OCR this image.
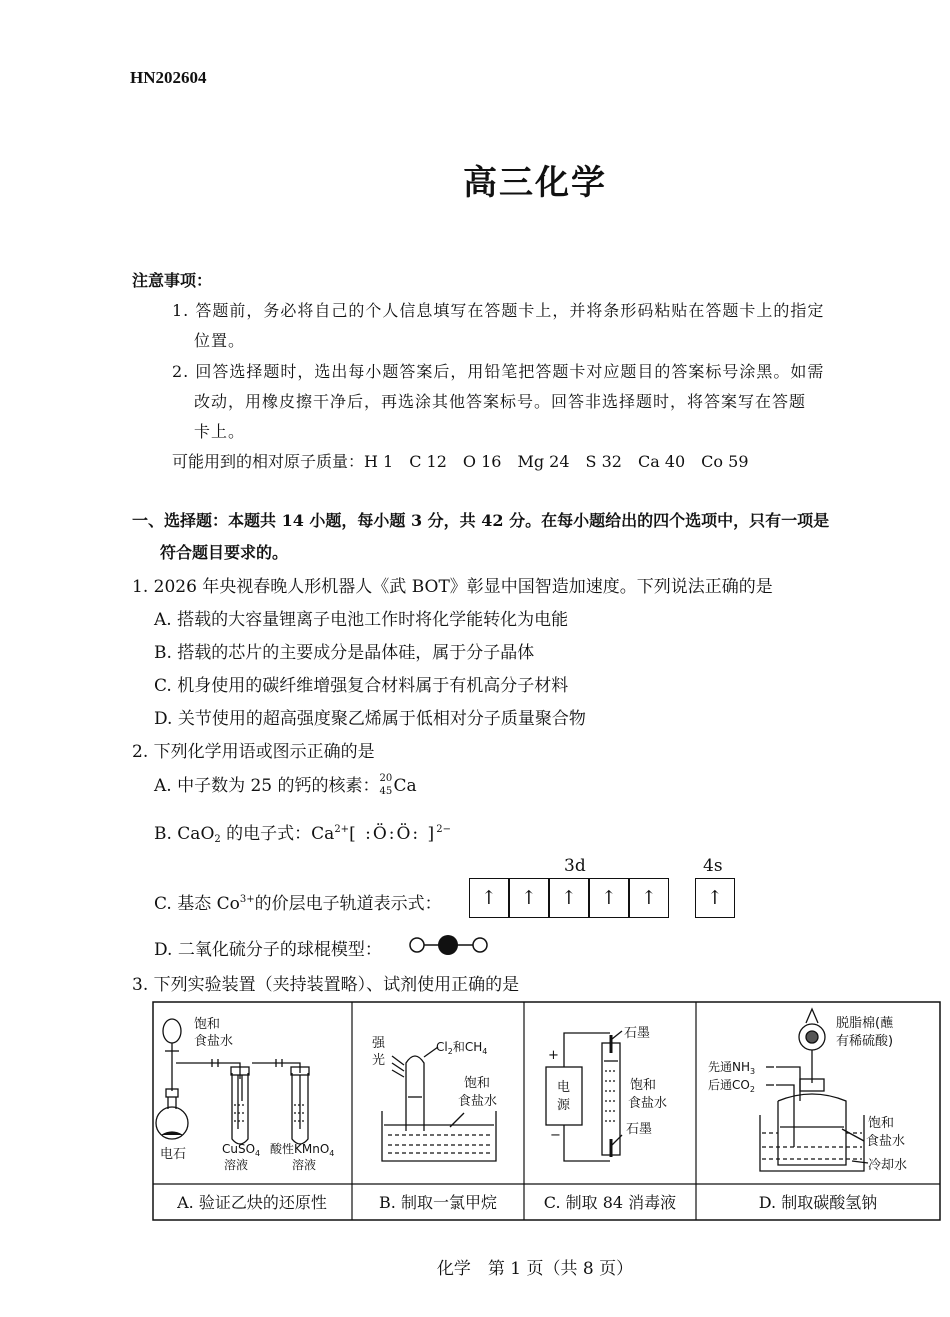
HN202604
高三化学
注意事项：
1. 答题前，务必将自己的个人信息填写在答题卡上，并将条形码粘贴在答题卡上的指定
位置。
2. 回答选择题时，选出每小题答案后，用铅笔把答题卡对应题目的答案标号涂黑。如需
改动，用橡皮擦干净后，再选涂其他答案标号。回答非选择题时，将答案写在答题
卡上。
可能用到的相对原子质量：H 1　C 12　O 16　Mg 24　S 32　Ca 40　Co 59
一、选择题：本题共 14 小题，每小题 3 分，共 42 分。在每小题给出的四个选项中，只有一项是
符合题目要求的。
1. 2026 年央视春晚人形机器人《武 BOT》彰显中国智造加速度。下列说法正确的是
A. 搭载的大容量锂离子电池工作时将化学能转化为电能
B. 搭载的芯片的主要成分是晶体硅，属于分子晶体
C. 机身使用的碳纤维增强复合材料属于有机高分子材料
D. 关节使用的超高强度聚乙烯属于低相对分子质量聚合物
2. 下列化学用语或图示正确的是
A. 中子数为 25 的钙的核素： 20
45 Ca
B. CaO$_2$ 的电子式：$Ca^{2+}$[ :Ö:Ö: ]$^{2-}$
3d	4s
C. 基态 $Co^{3+}$的价层电子轨道表示式： ↑ ↑ ↑ ↑ ↑	↑
D. 二氧化硫分子的球棍模型：
3. 下列实验装置（夹持装置略）、试剂使用正确的是
饱和
食盐水
电石	CuSO$_4$
溶液
酸性KMnO$_4$
溶液
强
光
$Cl_2$和$CH_4$
饱和
食盐水
+
−
电
源
石墨
饱和
食盐水
石墨
脱脂棉(蘸
有稀硫酸)
先通$NH_3$
后通$CO_2$
饱和
食盐水
冷却水
A. 验证乙炔的还原性	B. 制取一氯甲烷	C. 制取 84 消毒液	D. 制取碳酸氢钠
化学　第 1 页（共 8 页）
